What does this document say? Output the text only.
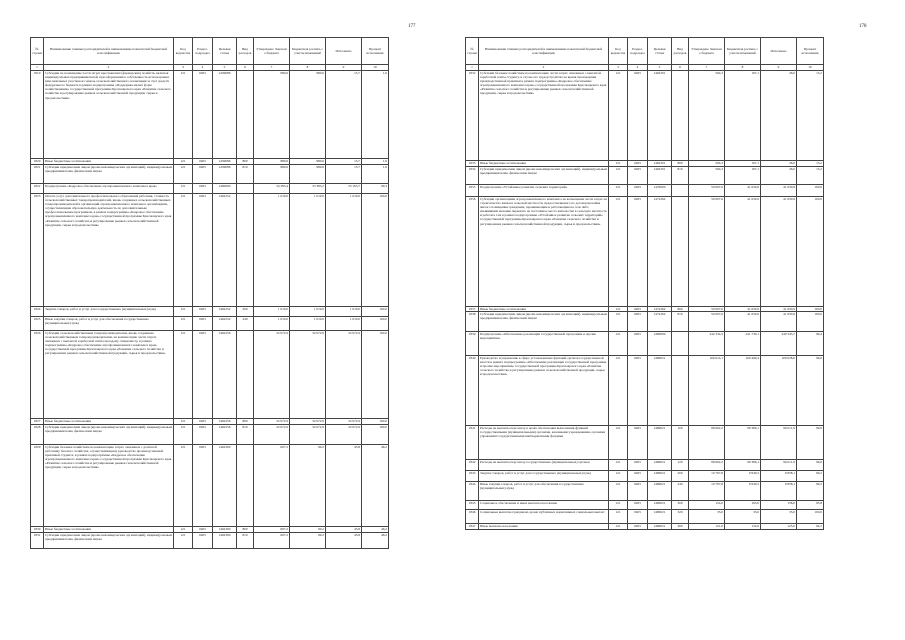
177
№ строки	Наименование главных распорядителей и наименование показателей бюджетной классификации	Код ведомства	Раздел-подраздел	Целевая статья	Вид расходов	Утверждено Законом о бюджете	Бюджетная роспись с учетом изменений	Исполнено	Процент исполнения
1	2	3	4	5	6	7	8	9	10
1819	Субсидии на возмещение части затрат крестьянских (фермерских) хозяйств, включая индивидуальных предпринимателей, при оформлении в собственность используемых ими земельных участков из земель сельскохозяйственного назначения за счет средств федерального бюджета в рамках подпрограммы «Поддержка малых форм хозяйствования» государственной программы Красноярского края «Развитие сельского хозяйства и регулирование рынков сельскохозяйственной продукции, сырья и продовольствия»	121	0405	1459086		980,6	980,6	15,7	1,6
1820	Иные бюджетные ассигнования	121	0405	1459086	800	980,6	980,6	15,7	1,6
1821	Субсидии юридическим лицам (кроме некоммерческих организаций), индивидуальным предпринимателям, физическим лицам	121	0405	1459086	810	980,6	980,6	15,7	1,6
1822	Подпрограмма «Кадровое обеспечение агропромышленного комплекса края»	121	0405	1460000		34 383,4	33 383,2	33 163,7	99,3
1823	Оплата услуг дополнительного профессионального образования работник, стоимость сельскохозяйственных товаропроизводителей, вновь созданных сельскохозяйственных товаропроизводителей и организаций агропромышленного комплекса организациям, осуществляющим образовательную деятельность по дополнительным профессиональным программам, в рамках подпрограммы «Кадровое обеспечение агропромышленного комплекса края» государственной программы Красноярского края «Развитие сельского хозяйства и регулирование рынков сельскохозяйственной продукции, сырья и продовольствия»	121	0405	1462252		1 019,0	1 019,0	1 019,0	100,0
1824	Закупка товаров, работ и услуг для государственных (муниципальных) нужд	121	0405	1462252	200	1 019,0	1 019,0	1 019,0	100,0
1825	Иные закупки товаров, работ и услуг для обеспечения государственных (муниципальных) нужд	121	0405	1462252	240	1 019,0	1 019,0	1 019,0	100,0
1826	Субсидии сельскохозяйственным товаропроизводителям, вновь созданным сельскохозяйственным товаропроизводителям, на компенсацию части затрат, связанных с выплатой заработной платы молодому специалисту, в рамках подпрограммы «Кадровое обеспечение агропромышленного комплекса края» государственной программы Красноярского края «Развитие сельского хозяйства и регулирование рынков сельскохозяйственной продукции, сырья и продовольствия»	121	0405	1462256		32 072,9	32 072,9	32 072,9	100,0
1827	Иные бюджетные ассигнования	121	0405	1462256	800	32 072,9	32 072,9	32 072,9	100,0
1828	Субсидии юридическим лицам (кроме некоммерческих организаций), индивидуальным предпринимателям, физическим лицам	121	0405	1462256	810	32 072,9	32 072,9	32 072,9	100,0
1829	Субсидии базовым хозяйствам на компенсацию затрат, связанных с доплатой работнику базового хозяйства, осуществляющему руководство производственной практикой студента, в рамках подпрограммы «Кадровое обеспечение агропромышленного комплекса края» государственной программы Красноярского края «Развитие сельского хозяйства и регулирование рынков сельскохозяйственной продукции, сырья и продовольствия»	121	0405	1462300		697,2	99,2	45,8	46,2
1830	Иные бюджетные ассигнования	121	0405	1462300	800	697,2	99,2	45,8	46,2
1831	Субсидии юридическим лицам (кроме некоммерческих организаций), индивидуальным предпринимателям, физическим лицам	121	0405	1462300	810	697,2	99,2	45,8	46,2
178
№ строки	Наименование главных распорядителей и наименование показателей бюджетной классификации	Код ведомства	Раздел-подраздел	Целевая статья	Вид расходов	Утверждено Законом о бюджете	Бюджетная роспись с учетом изменений	Исполнено	Процент исполнения
1	2	3	4	5	6	7	8	9	10
1832	Субсидии базовым хозяйствам на компенсацию части затрат, связанных с выплатой заработной платы студенту, в случае его трудоустройства на время прохождения производственной практики в рамках подпрограммы «Кадровое обеспечение агропромышленного комплекса края» государственной программы Красноярского края «Развитие сельского хозяйства и регулирование рынков сельскохозяйственной продукции, сырья и продовольствия»	121	0405	1462301		594,3	197,1	26,0	13,2
1833	Иные бюджетные ассигнования	121	0405	1462301	800	594,3	197,1	26,0	13,2
1834	Субсидии юридическим лицам (кроме некоммерческих организаций), индивидуальным предпринимателям, физическим лицам	121	0405	1462301	810	594,3	197,1	26,0	13,2
1835	Подпрограмма «Устойчивое развитие сельских территорий»	121	0405	1470000		50 097,6	41 630,9	41 630,9	100,0
1836	Субсидии организациям агропромышленного комплекса на возмещение части затрат на строительство жилья в сельской местности, предоставляемого по договорам найма жилого помещения гражданам, проживающим и работающим на селе либо изъявившим желание переехать на постоянное место жительства в сельскую местность и работать там в рамках подпрограммы «Устойчивое развитие сельских территорий» государственной программы Красноярского края «Развитие сельского хозяйства и регулирование рынков сельскохозяйственной продукции, сырья и продовольствия»	121	0405	1472262		50 097,6	41 630,9	41 630,9	100,0
1837	Иные бюджетные ассигнования	121	0405	1472262	800	50 097,6	41 630,9	41 630,9	100,0
1838	Субсидии юридическим лицам (кроме некоммерческих организаций), индивидуальным предпринимателям, физическим лицам	121	0405	1472262	810	50 097,6	41 630,9	41 630,9	100,0
1839	Подпрограмма «Обеспечение реализации государственной программы и прочие мероприятия»	121	0405	1480000		242 334,3	241 730,1	240 345,7	99,4
1840	Руководство и управление в сфере установленных функций органов государственной власти в рамках подпрограммы «Обеспечение реализации государственной программы и прочие мероприятия» государственной программы Красноярского края «Развитие сельского хозяйства и регулирование рынков сельскохозяйственной продукции, сырья и продовольствия»	121	0405	1480021		109 614,1	109 490,4	109 028,0	99,6
1841	Расходы на выплаты персоналу в целях обеспечения выполнения функций государственными (муниципальными) органами, казенными учреждениями, органами управления государственными внебюджетными фондами	121	0405	1480021	100	98 692,2	99 386,1	99 011,9	99,6
1842	Расходы на выплаты персоналу государственных (муниципальных) органов	121	0405	1480021	120	98 692,2	99 386,1	99 011,9	99,6
1843	Закупка товаров, работ и услуг для государственных (муниципальных) нужд	121	0405	1480021	200	10 767,8	9 939,3	9 858,1	99,2
1844	Иные закупки товаров, работ и услуг для обеспечения государственных (муниципальных) нужд	121	0405	1480021	240	10 767,8	9 939,3	9 858,1	99,2
1845	Социальное обеспечение и иные выплаты населению	121	0405	1480021	300	154,0	165,0	158,0	95,8
1846	Социальные выплаты гражданам, кроме публичных нормативных социальных выплат	121	0405	1480021	320	33,0	33,0	33,0	100,0
1847	Иные выплаты населению	121	0405	1480021	360	121,0	132,0	125,0	94,7
